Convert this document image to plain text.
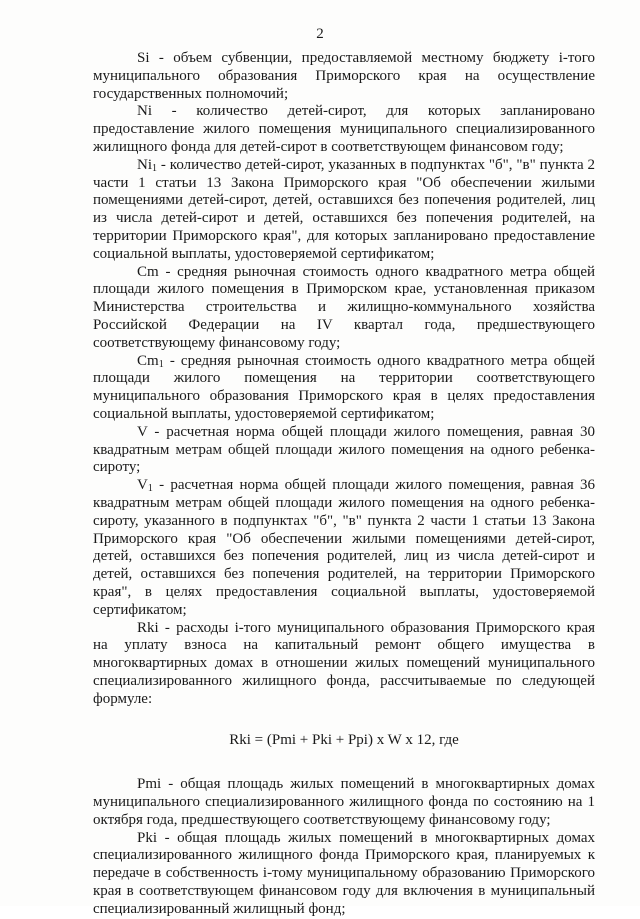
2

Si - объем субвенции, предоставляемой местному бюджету i-того муниципального образования Приморского края на осуществление государственных полномочий;

Ni - количество детей-сирот, для которых запланировано предоставление жилого помещения муниципального специализированного жилищного фонда для детей-сирот в соответствующем финансовом году;

$Ni_1$ - количество детей-сирот, указанных в подпунктах "б", "в" пункта 2 части 1 статьи 13 Закона Приморского края "Об обеспечении жилыми помещениями детей-сирот, детей, оставшихся без попечения родителей, лиц из числа детей-сирот и детей, оставшихся без попечения родителей, на территории Приморского края", для которых запланировано предоставление социальной выплаты, удостоверяемой сертификатом;

Cm - средняя рыночная стоимость одного квадратного метра общей площади жилого помещения в Приморском крае, установленная приказом Министерства строительства и жилищно-коммунального хозяйства Российской Федерации на IV квартал года, предшествующего соответствующему финансовому году;

$Cm_1$ - средняя рыночная стоимость одного квадратного метра общей площади жилого помещения на территории соответствующего муниципального образования Приморского края в целях предоставления социальной выплаты, удостоверяемой сертификатом;

V - расчетная норма общей площади жилого помещения, равная 30 квадратным метрам общей площади жилого помещения на одного ребенка-сироту;

$V_1$ - расчетная норма общей площади жилого помещения, равная 36 квадратным метрам общей площади жилого помещения на одного ребенка-сироту, указанного в подпунктах "б", "в" пункта 2 части 1 статьи 13 Закона Приморского края "Об обеспечении жилыми помещениями детей-сирот, детей, оставшихся без попечения родителей, лиц из числа детей-сирот и детей, оставшихся без попечения родителей, на территории Приморского края", в целях предоставления социальной выплаты, удостоверяемой сертификатом;

Rki - расходы i-того муниципального образования Приморского края на уплату взноса на капитальный ремонт общего имущества в многоквартирных домах в отношении жилых помещений муниципального специализированного жилищного фонда, рассчитываемые по следующей формуле:

Rki = (Pmi + Pki + Ppi) x W x 12, где

Pmi - общая площадь жилых помещений в многоквартирных домах муниципального специализированного жилищного фонда по состоянию на 1 октября года, предшествующего соответствующему финансовому году;

Pki - общая площадь жилых помещений в многоквартирных домах специализированного жилищного фонда Приморского края, планируемых к передаче в собственность i-тому муниципальному образованию Приморского края в соответствующем финансовом году для включения в муниципальный специализированный жилищный фонд;
